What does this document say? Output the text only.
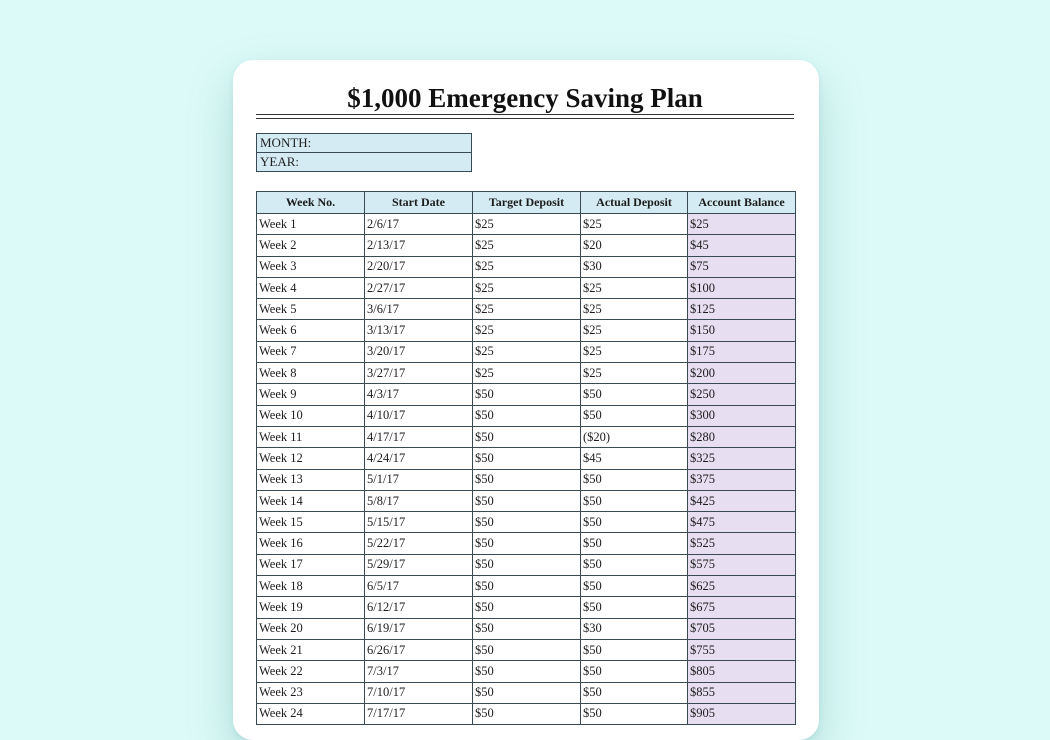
$1,000 Emergency Saving Plan
MONTH:
YEAR:
Week No.	Start Date	Target Deposit	Actual Deposit	Account Balance
Week 1	2/6/17	$25	$25	$25
Week 2	2/13/17	$25	$20	$45
Week 3	2/20/17	$25	$30	$75
Week 4	2/27/17	$25	$25	$100
Week 5	3/6/17	$25	$25	$125
Week 6	3/13/17	$25	$25	$150
Week 7	3/20/17	$25	$25	$175
Week 8	3/27/17	$25	$25	$200
Week 9	4/3/17	$50	$50	$250
Week 10	4/10/17	$50	$50	$300
Week 11	4/17/17	$50	($20)	$280
Week 12	4/24/17	$50	$45	$325
Week 13	5/1/17	$50	$50	$375
Week 14	5/8/17	$50	$50	$425
Week 15	5/15/17	$50	$50	$475
Week 16	5/22/17	$50	$50	$525
Week 17	5/29/17	$50	$50	$575
Week 18	6/5/17	$50	$50	$625
Week 19	6/12/17	$50	$50	$675
Week 20	6/19/17	$50	$30	$705
Week 21	6/26/17	$50	$50	$755
Week 22	7/3/17	$50	$50	$805
Week 23	7/10/17	$50	$50	$855
Week 24	7/17/17	$50	$50	$905
